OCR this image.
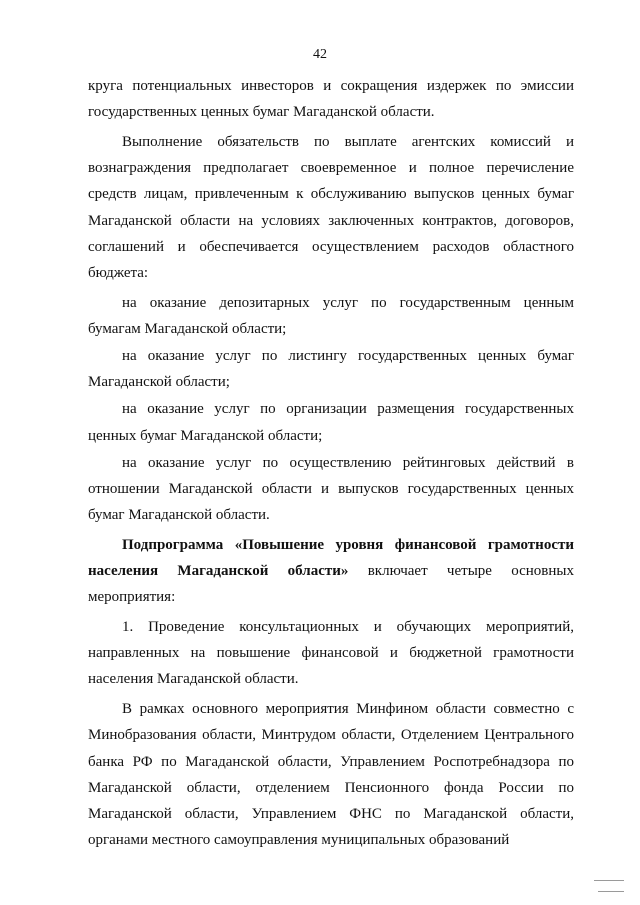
42

круга потенциальных инвесторов и сокращения издержек по эмиссии государственных ценных бумаг Магаданской области.

Выполнение обязательств по выплате агентских комиссий и вознаграждения предполагает своевременное и полное перечисление средств лицам, привлеченным к обслуживанию выпусков ценных бумаг Магаданской области на условиях заключенных контрактов, договоров, соглашений и обеспечивается осуществлением расходов областного бюджета:

на оказание депозитарных услуг по государственным ценным бумагам Магаданской области;

на оказание услуг по листингу государственных ценных бумаг Магаданской области;

на оказание услуг по организации размещения государственных ценных бумаг Магаданской области;

на оказание услуг по осуществлению рейтинговых действий в отношении Магаданской области и выпусков государственных ценных бумаг Магаданской области.

Подпрограмма «Повышение уровня финансовой грамотности населения Магаданской области» включает четыре основных мероприятия:

1. Проведение консультационных и обучающих мероприятий, направленных на повышение финансовой и бюджетной грамотности населения Магаданской области.

В рамках основного мероприятия Минфином области совместно с Минобразования области, Минтрудом области, Отделением Центрального банка РФ по Магаданской области, Управлением Роспотребнадзора по Магаданской области, отделением Пенсионного фонда России по Магаданской области, Управлением ФНС по Магаданской области, органами местного самоуправления муниципальных образований
